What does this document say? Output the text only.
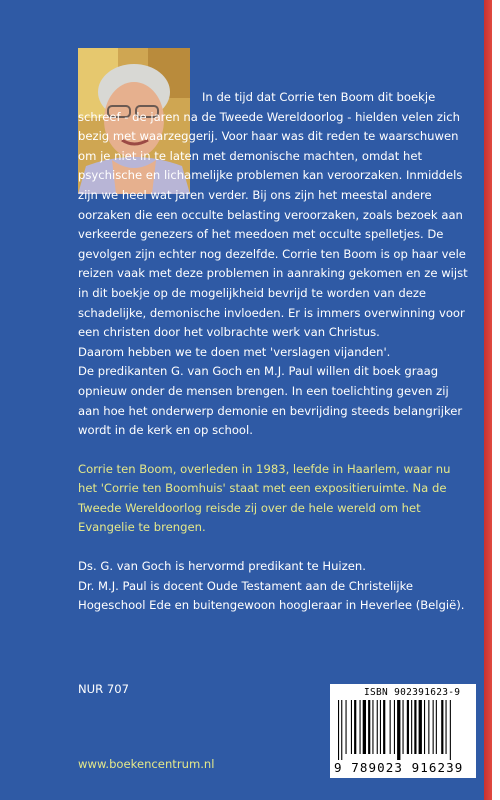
In de tijd dat Corrie ten Boom dit boekje schreef - de jaren na de Tweede Wereldoorlog - hielden velen zich bezig met waarzeggerij. Voor haar was dit reden te waarschuwen om je niet in te laten met demonische machten, omdat het psychische en lichamelijke problemen kan veroorzaken. Inmiddels zijn we heel wat jaren verder. Bij ons zijn het meestal andere oorzaken die een occulte belasting veroorzaken, zoals bezoek aan verkeerde genezers of het meedoen met occulte spelletjes. De gevolgen zijn echter nog dezelfde. Corrie ten Boom is op haar vele reizen vaak met deze problemen in aanraking gekomen en ze wijst in dit boekje op de mogelijkheid bevrijd te worden van deze schadelijke, demonische invloeden. Er is immers overwinning voor een christen door het volbrachte werk van Christus.

Daarom hebben we te doen met 'verslagen vijanden'.

De predikanten G. van Goch en M.J. Paul willen dit boek graag opnieuw onder de mensen brengen. In een toelichting geven zij aan hoe het onderwerp demonie en bevrijding steeds belangrijker wordt in de kerk en op school.

Corrie ten Boom, overleden in 1983, leefde in Haarlem, waar nu het 'Corrie ten Boomhuis' staat met een expositieruimte. Na de Tweede Wereldoorlog reisde zij over de hele wereld om het Evangelie te brengen.

Ds. G. van Goch is hervormd predikant te Huizen.

Dr. M.J. Paul is docent Oude Testament aan de Christelijke Hogeschool Ede en buitengewoon hoogleraar in Heverlee (België).

NUR 707
www.boekencentrum.nl
ISBN 902391623-9
9 789023 916239
